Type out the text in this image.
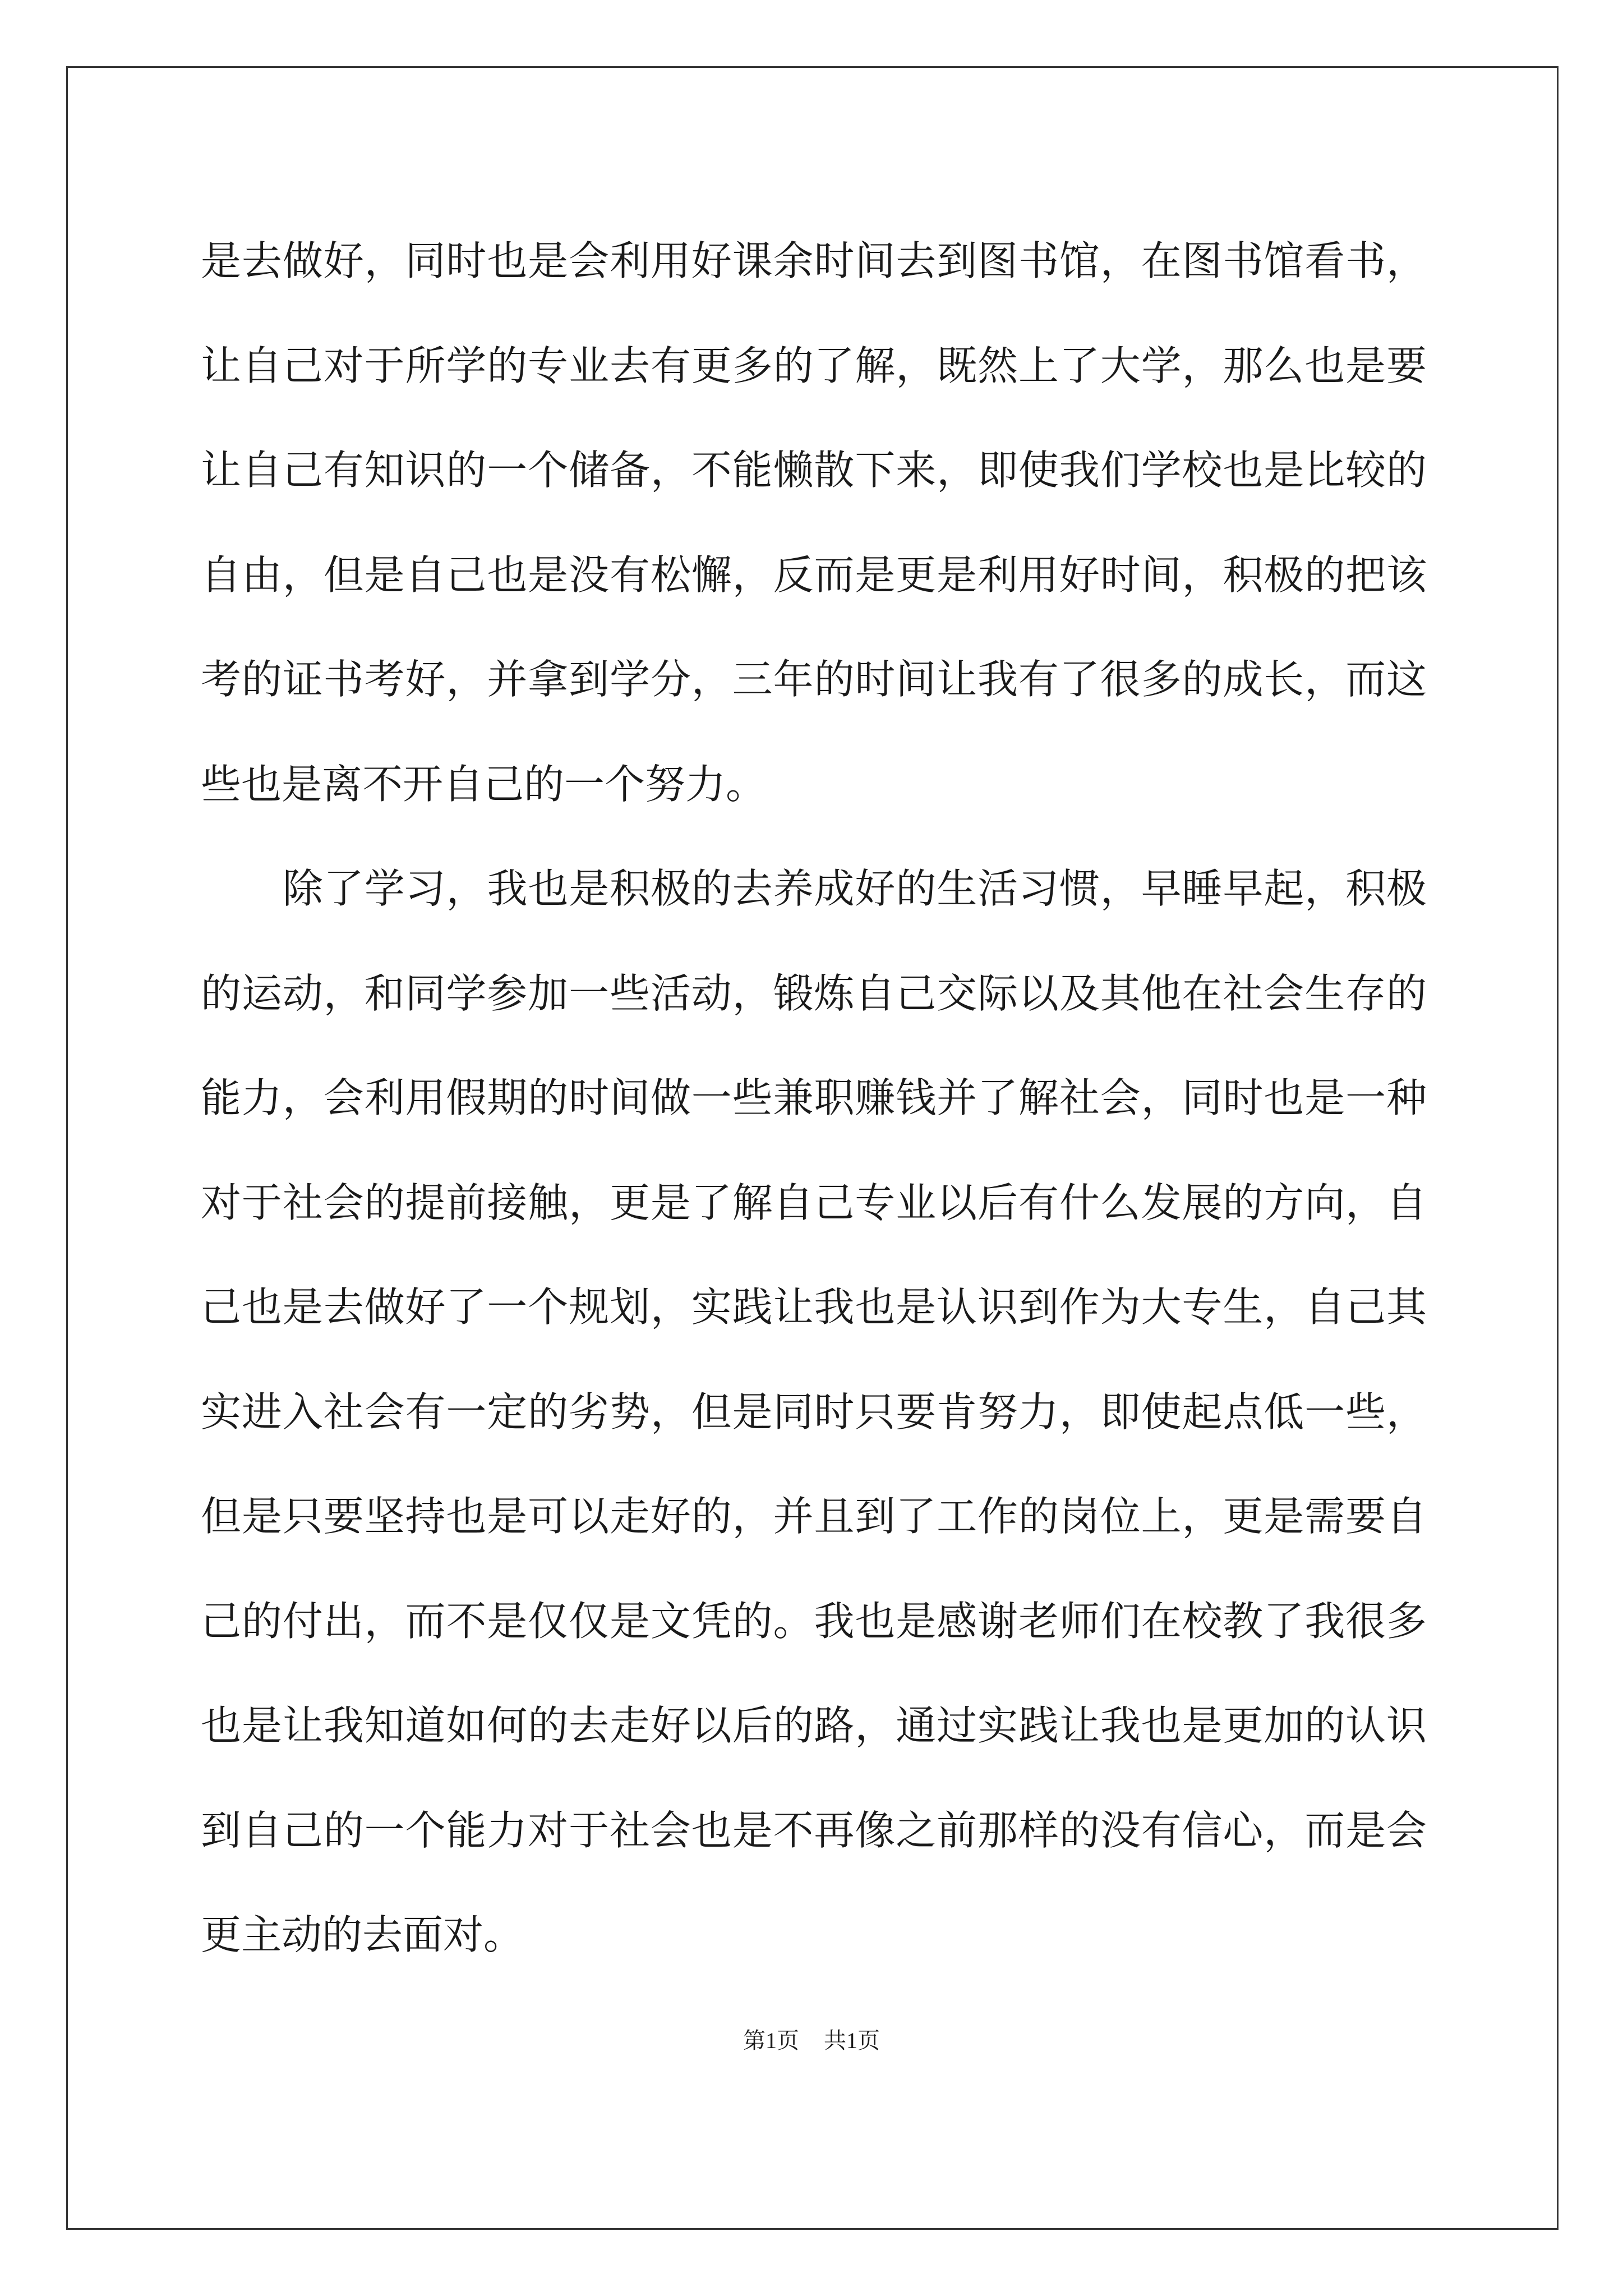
是去做好，同时也是会利用好课余时间去到图书馆，在图书馆看书，
让自己对于所学的专业去有更多的了解，既然上了大学，那么也是要
让自己有知识的一个储备，不能懒散下来，即使我们学校也是比较的
自由，但是自己也是没有松懈，反而是更是利用好时间，积极的把该
考的证书考好，并拿到学分，三年的时间让我有了很多的成长，而这
些也是离不开自己的一个努力。
除了学习，我也是积极的去养成好的生活习惯，早睡早起，积极
的运动，和同学参加一些活动，锻炼自己交际以及其他在社会生存的
能力，会利用假期的时间做一些兼职赚钱并了解社会，同时也是一种
对于社会的提前接触，更是了解自己专业以后有什么发展的方向，自
己也是去做好了一个规划，实践让我也是认识到作为大专生，自己其
实进入社会有一定的劣势，但是同时只要肯努力，即使起点低一些，
但是只要坚持也是可以走好的，并且到了工作的岗位上，更是需要自
己的付出，而不是仅仅是文凭的。我也是感谢老师们在校教了我很多
也是让我知道如何的去走好以后的路，通过实践让我也是更加的认识
到自己的一个能力对于社会也是不再像之前那样的没有信心，而是会
更主动的去面对。
第1页 共1页
